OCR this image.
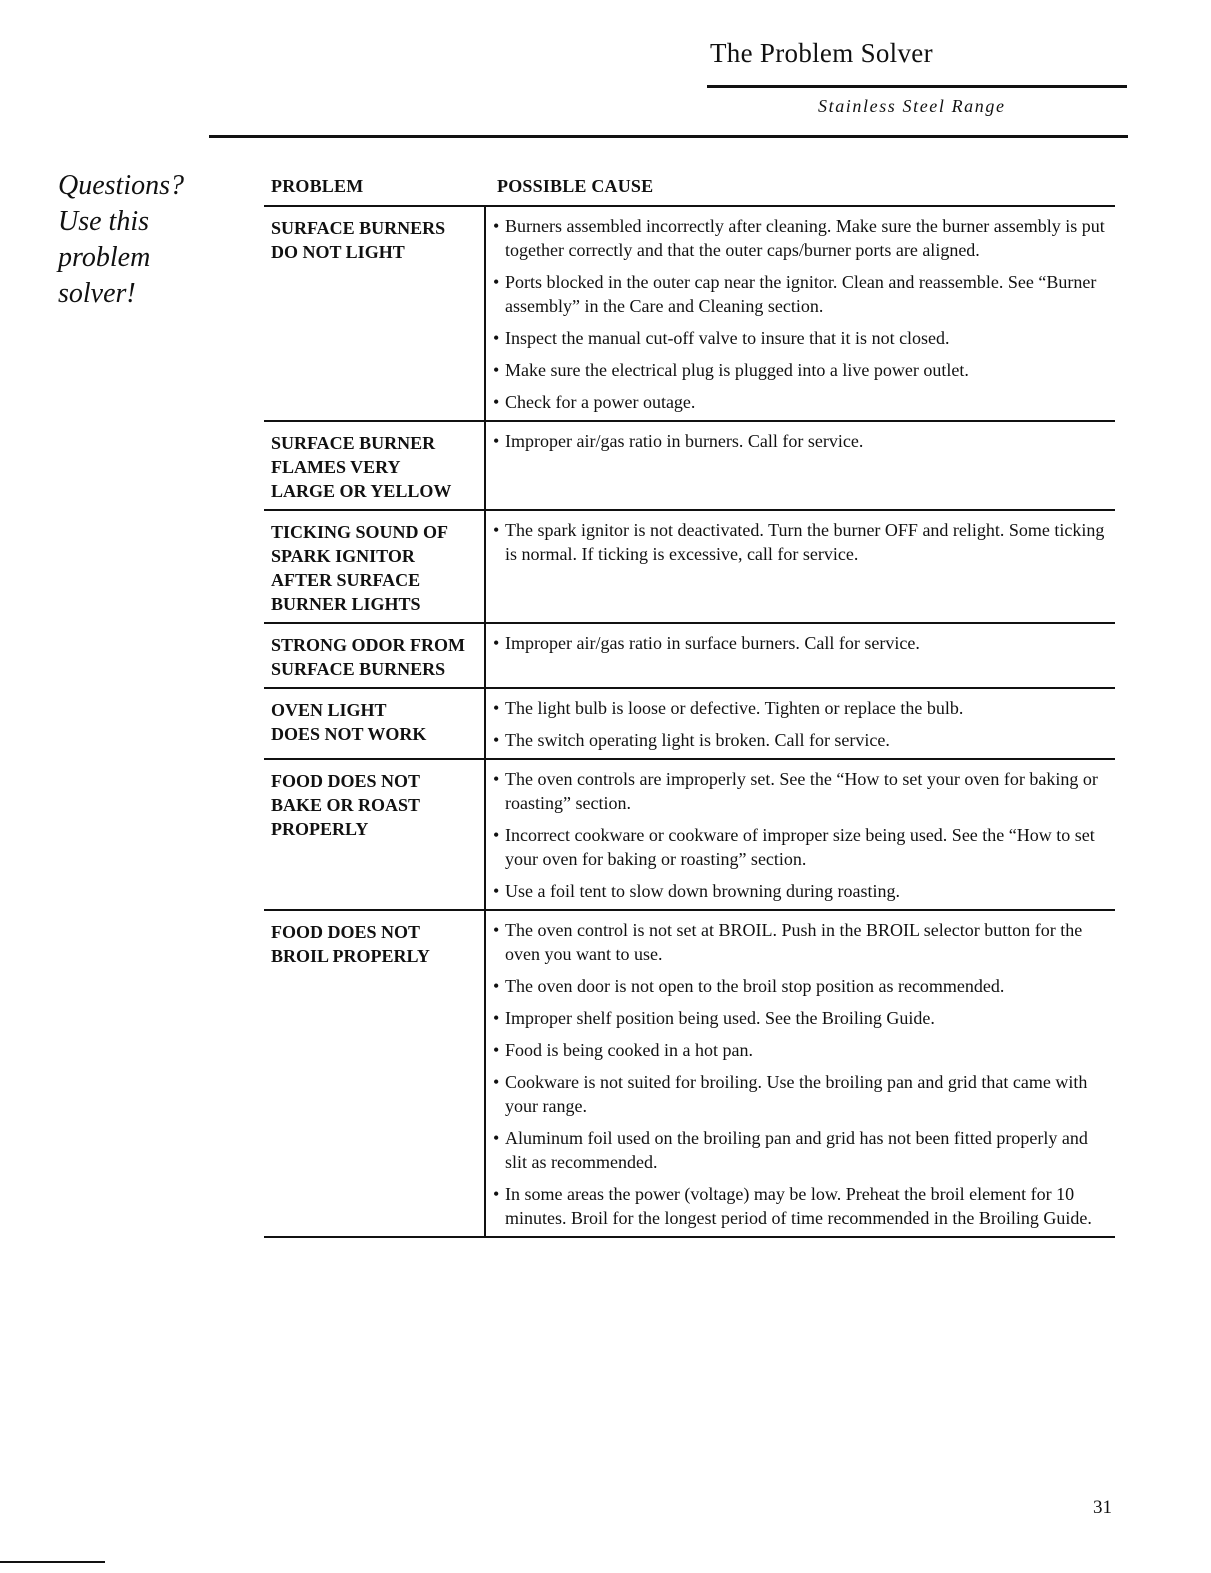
The Problem Solver
Stainless Steel Range
Questions?
Use this
problem
solver!
PROBLEM	POSSIBLE CAUSE
SURFACE BURNERS
DO NOT LIGHT
• Burners assembled incorrectly after cleaning. Make sure the burner assembly is put together correctly and that the outer caps/burner ports are aligned.
• Ports blocked in the outer cap near the ignitor. Clean and reassemble. See “Burner assembly” in the Care and Cleaning section.
• Inspect the manual cut-off valve to insure that it is not closed.
• Make sure the electrical plug is plugged into a live power outlet.
• Check for a power outage.
SURFACE BURNER
FLAMES VERY
LARGE OR YELLOW
• Improper air/gas ratio in burners. Call for service.
TICKING SOUND OF
SPARK IGNITOR
AFTER SURFACE
BURNER LIGHTS
• The spark ignitor is not deactivated. Turn the burner OFF and relight. Some ticking is normal. If ticking is excessive, call for service.
STRONG ODOR FROM
SURFACE BURNERS
• Improper air/gas ratio in surface burners. Call for service.
OVEN LIGHT
DOES NOT WORK
• The light bulb is loose or defective. Tighten or replace the bulb.
• The switch operating light is broken. Call for service.
FOOD DOES NOT
BAKE OR ROAST
PROPERLY
• The oven controls are improperly set. See the “How to set your oven for baking or roasting” section.
• Incorrect cookware or cookware of improper size being used. See the “How to set your oven for baking or roasting” section.
• Use a foil tent to slow down browning during roasting.
FOOD DOES NOT
BROIL PROPERLY
• The oven control is not set at BROIL. Push in the BROIL selector button for the oven you want to use.
• The oven door is not open to the broil stop position as recommended.
• Improper shelf position being used. See the Broiling Guide.
• Food is being cooked in a hot pan.
• Cookware is not suited for broiling. Use the broiling pan and grid that came with your range.
• Aluminum foil used on the broiling pan and grid has not been fitted properly and slit as recommended.
• In some areas the power (voltage) may be low. Preheat the broil element for 10 minutes. Broil for the longest period of time recommended in the Broiling Guide.
31
